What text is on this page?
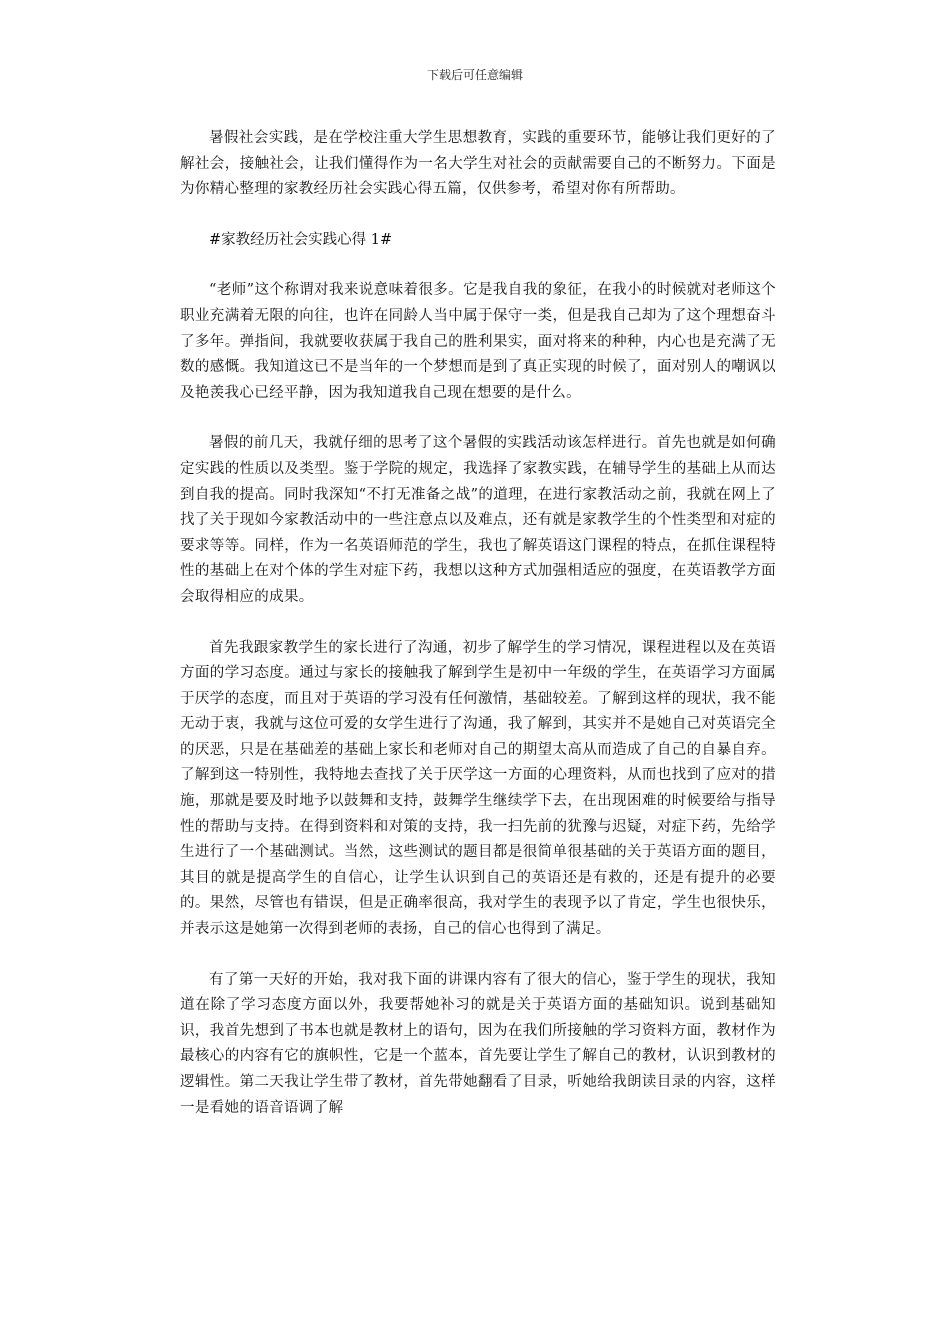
下载后可任意编辑

暑假社会实践，是在学校注重大学生思想教育，实践的重要环节，能够让我们更好的了解社会，接触社会，让我们懂得作为一名大学生对社会的贡献需要自己的不断努力。下面是为你精心整理的家教经历社会实践心得五篇，仅供参考，希望对你有所帮助。

#家教经历社会实践心得 1#

“老师”这个称谓对我来说意味着很多。它是我自我的象征，在我小的时候就对老师这个职业充满着无限的向往，也许在同龄人当中属于保守一类，但是我自己却为了这个理想奋斗了多年。弹指间，我就要收获属于我自己的胜利果实，面对将来的种种，内心也是充满了无数的感慨。我知道这已不是当年的一个梦想而是到了真正实现的时候了，面对别人的嘲讽以及艳羡我心已经平静，因为我知道我自己现在想要的是什么。

暑假的前几天，我就仔细的思考了这个暑假的实践活动该怎样进行。首先也就是如何确定实践的性质以及类型。鉴于学院的规定，我选择了家教实践，在辅导学生的基础上从而达到自我的提高。同时我深知“不打无准备之战”的道理，在进行家教活动之前，我就在网上了找了关于现如今家教活动中的一些注意点以及难点，还有就是家教学生的个性类型和对症的要求等等。同样，作为一名英语师范的学生，我也了解英语这门课程的特点，在抓住课程特性的基础上在对个体的学生对症下药，我想以这种方式加强相适应的强度，在英语教学方面会取得相应的成果。

首先我跟家教学生的家长进行了沟通，初步了解学生的学习情况，课程进程以及在英语方面的学习态度。通过与家长的接触我了解到学生是初中一年级的学生，在英语学习方面属于厌学的态度，而且对于英语的学习没有任何激情，基础较差。了解到这样的现状，我不能无动于衷，我就与这位可爱的女学生进行了沟通，我了解到，其实并不是她自己对英语完全的厌恶，只是在基础差的基础上家长和老师对自己的期望太高从而造成了自己的自暴自弃。了解到这一特别性，我特地去查找了关于厌学这一方面的心理资料，从而也找到了应对的措施，那就是要及时地予以鼓舞和支持，鼓舞学生继续学下去，在出现困难的时候要给与指导性的帮助与支持。在得到资料和对策的支持，我一扫先前的犹豫与迟疑，对症下药，先给学生进行了一个基础测试。当然，这些测试的题目都是很简单很基础的关于英语方面的题目，其目的就是提高学生的自信心，让学生认识到自己的英语还是有救的，还是有提升的必要的。果然，尽管也有错误，但是正确率很高，我对学生的表现予以了肯定，学生也很快乐，并表示这是她第一次得到老师的表扬，自己的信心也得到了满足。

有了第一天好的开始，我对我下面的讲课内容有了很大的信心，鉴于学生的现状，我知道在除了学习态度方面以外，我要帮她补习的就是关于英语方面的基础知识。说到基础知识，我首先想到了书本也就是教材上的语句，因为在我们所接触的学习资料方面，教材作为最核心的内容有它的旗帜性，它是一个蓝本，首先要让学生了解自己的教材，认识到教材的逻辑性。第二天我让学生带了教材，首先带她翻看了目录，听她给我朗读目录的内容，这样一是看她的语音语调了解
